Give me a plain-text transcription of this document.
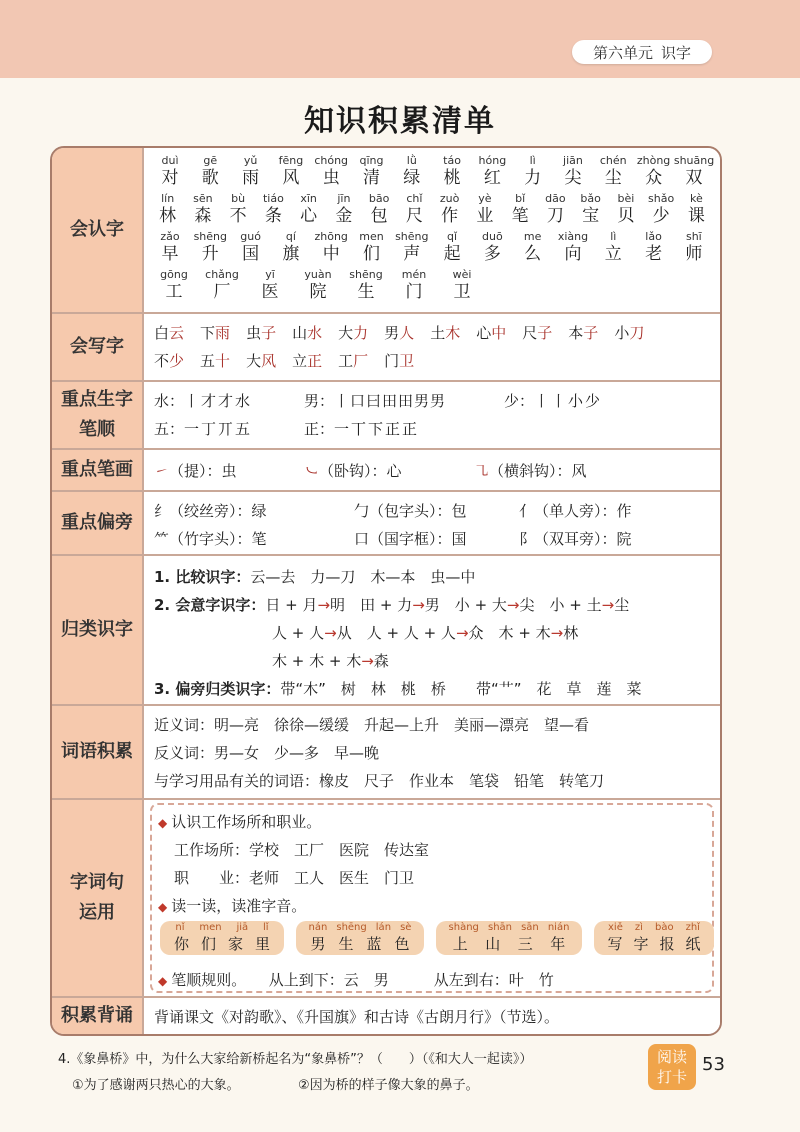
第六单元 识字
知识积累清单
会认字
duì	gē	yǔ	fēng	chóng	qīng	lǜ	táo	hóng	lì	jiān	chén zhòng shuāng
对	歌	雨	风	虫	清	绿	桃	红	力	尖	尘	众	双
lín	sēn	bù	tiáo	xīn	jīn	bāo	chǐ	zuò	yè	bǐ	dāo	bǎo	bèi	shǎo	kè
林	森	不	条	心	金	包	尺	作	业	笔	刀	宝	贝	少	课
zǎo	shēng	guó	qí	zhōng	men	shēng	qǐ	duō	me	xiàng	lì	lǎo	shī
早	升	国	旗	中	们	声	起	多	么	向	立	老	师
gōng	chǎng	yī	yuàn	shēng	mén	wèi
工	厂	医	院	生	门	卫
会写字
白云 下雨 虫子 山水 大力 男人 土木 心中 尺子 本子 小刀
不少 五十 大风 立正 工厂 门卫
重点生字
笔顺
水：丨才才水	男：丨口曰田田男男	少：丨丨小少
五：一丁丌五	正：一丅下正正
重点笔画	㇀（提）：虫	㇃（卧钩）：心	㇈（横斜钩）：风
重点偏旁
纟（绞丝旁）：绿	勹（包字头）：包	亻（单人旁）：作
⺮（竹字头）：笔	口（国字框）：国	阝（双耳旁）：院
归类识字
1. 比较识字：云—去　力—刀　木—本　虫—中
2. 会意字识字：日 + 月→明　 田 + 力→男　 小 + 大→尖　 小 + 土→尘
人 + 人→从　 人 + 人 + 人→众　 木 + 木→林
木 + 木 + 木→森
3. 偏旁归类识字：带“木”　 树　林　桃　桥　　 带“艹”　 花　草　莲　菜
词语积累
近义词：明—亮　徐徐—缓缓　升起—上升　美丽—漂亮　望—看
反义词：男—女　少—多　早—晚
与学习用品有关的词语：橡皮　尺子　作业本　笔袋　铅笔　转笔刀
字词句
运用
◆ 认识工作场所和职业。
工作场所：学校　工厂　医院　传达室
职　　业：老师　工人　医生　门卫
◆ 读一读，读准字音。
nǐ men jiā lǐ
你 们 家 里
nán shēng lán sè
男 生 蓝 色
shàng shān sān nián
上 山 三 年
xiě zì bào zhǐ
写 字 报 纸
◆ 笔顺规则。　　 从上到下：云　男　　　	从左到右：叶　竹
积累背诵	背诵课文《对韵歌》、《升国旗》和古诗《古朗月行》（节选）。
4.《象鼻桥》中，为什么大家给新桥起名为“象鼻桥”？（　　）（《和大人一起读》）
①为了感谢两只热心的大象。	②因为桥的样子像大象的鼻子。
阅读
打卡
53
